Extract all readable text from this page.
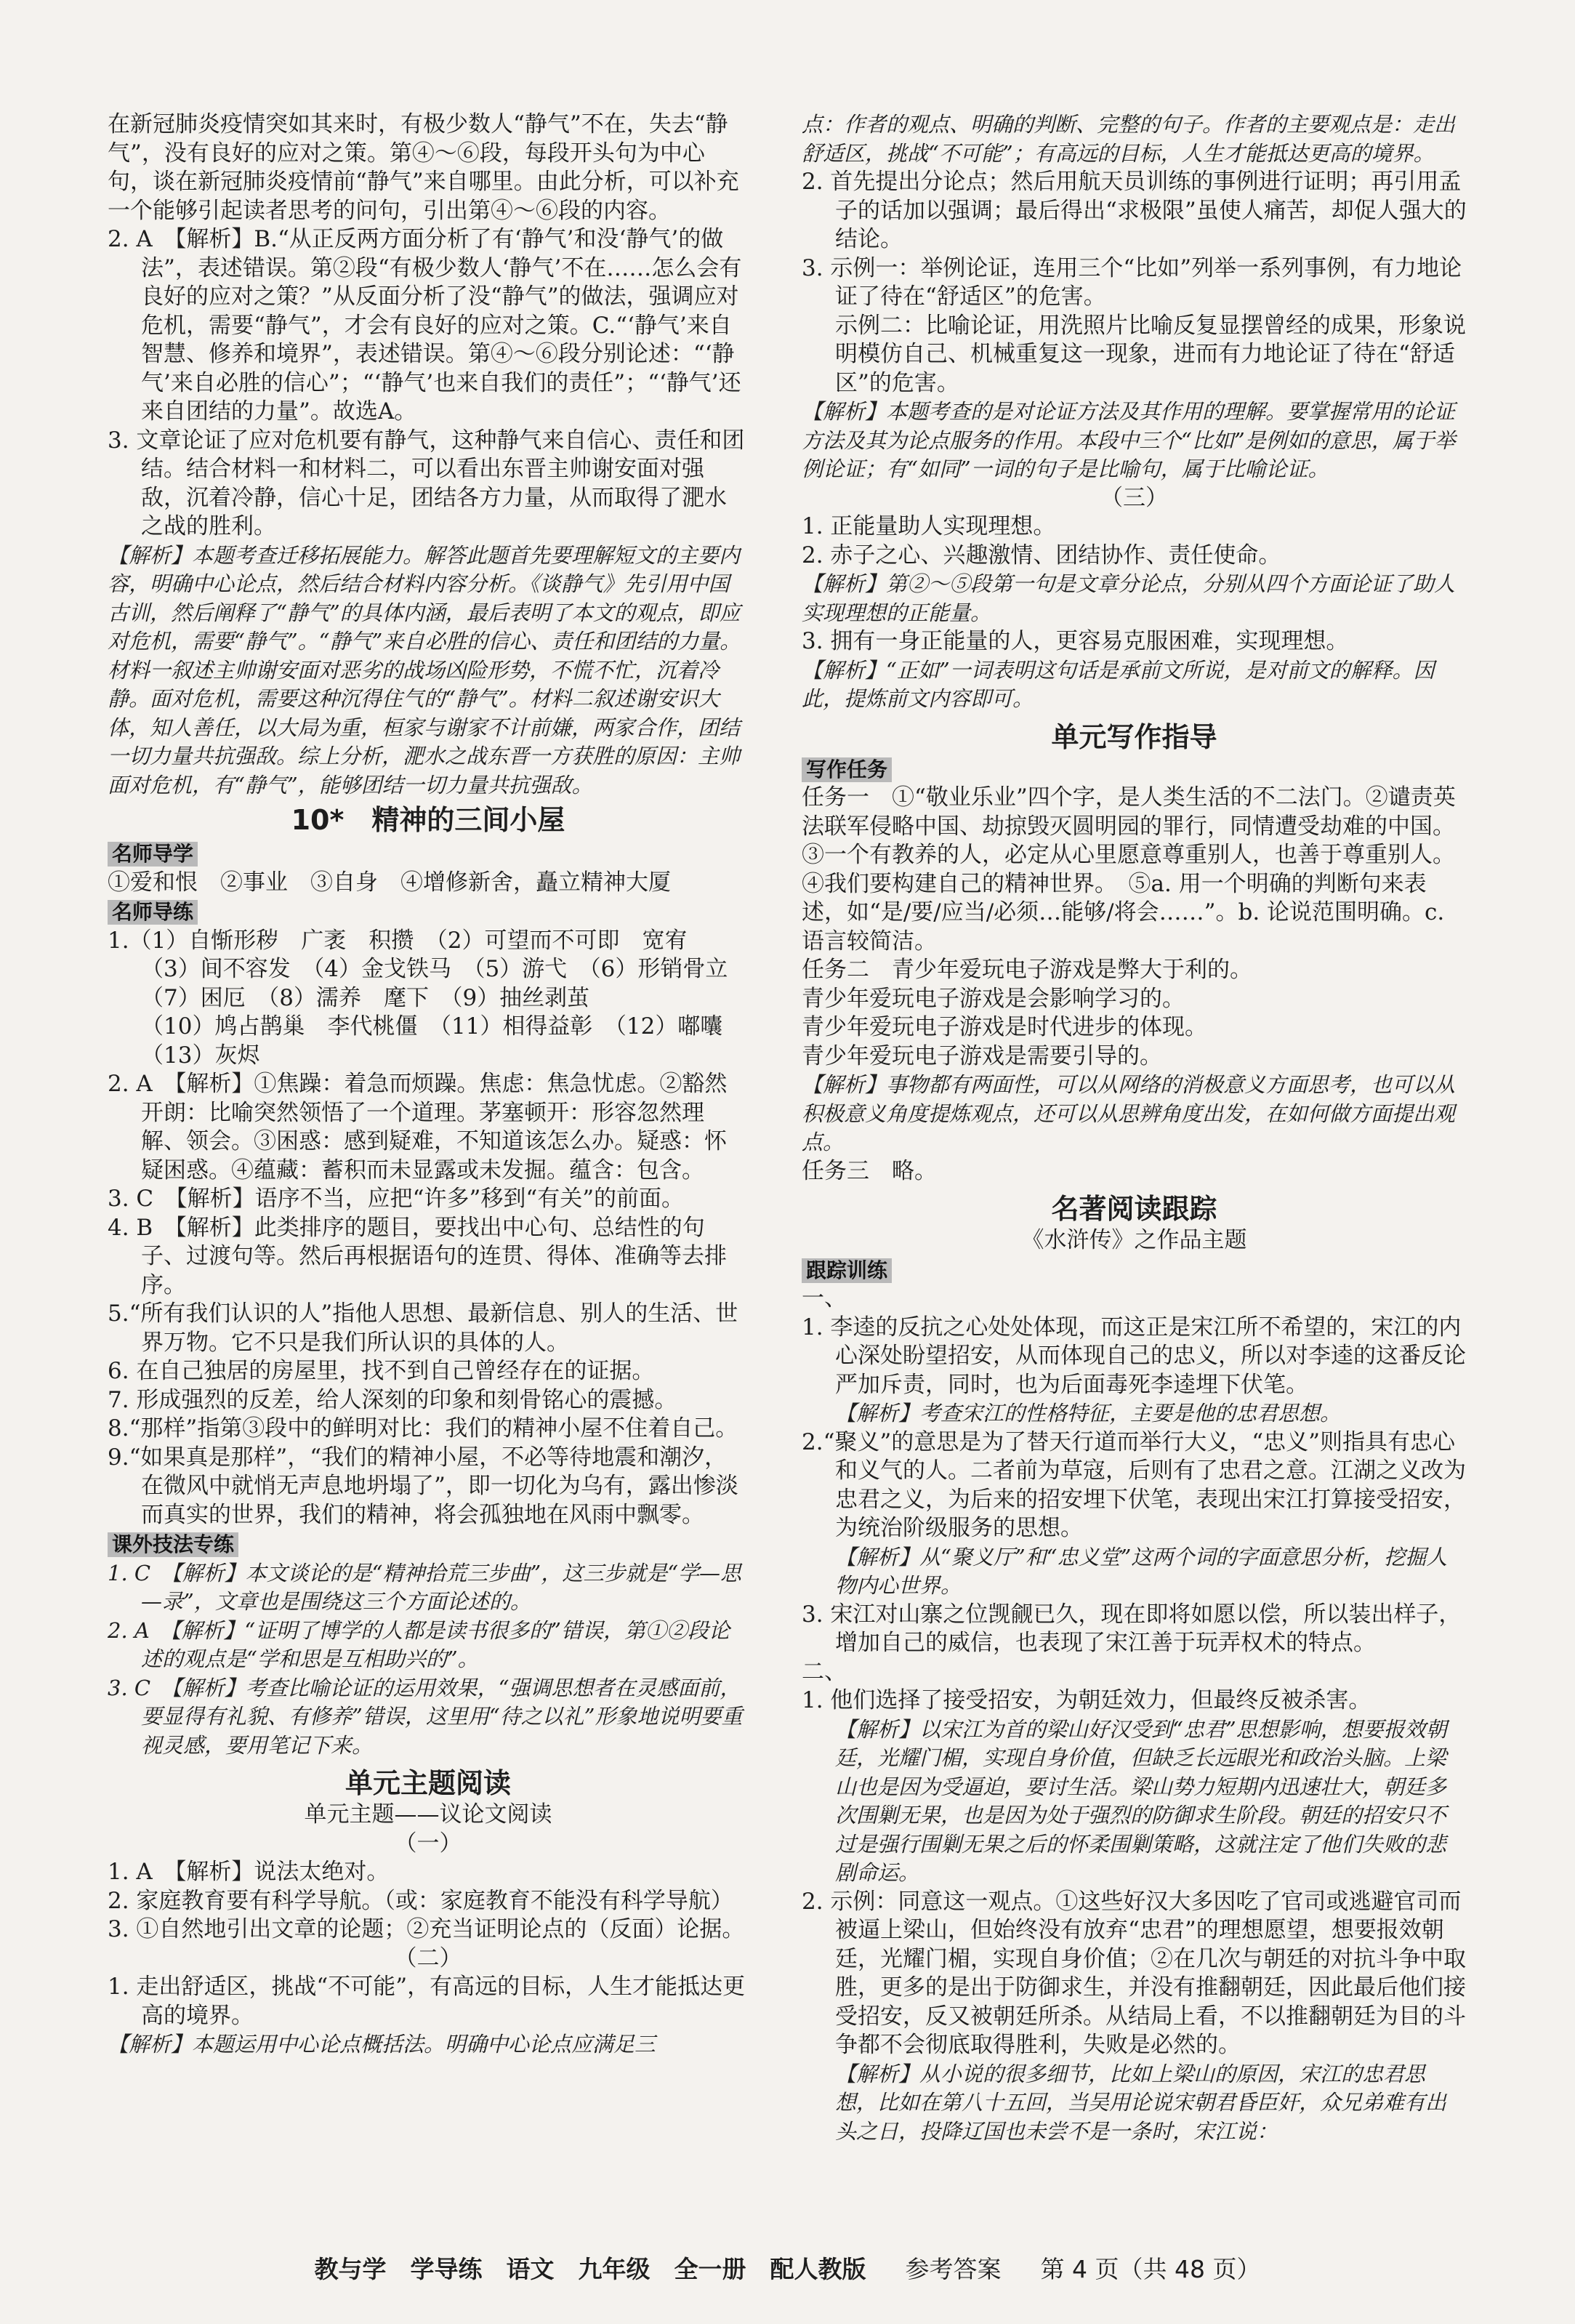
在新冠肺炎疫情突如其来时，有极少数人“静气”不在，失去“静气”，没有良好的应对之策。第④～⑥段，每段开头句为中心句，谈在新冠肺炎疫情前“静气”来自哪里。由此分析，可以补充一个能够引起读者思考的问句，引出第④～⑥段的内容。

2. A　【解析】B.“从正反两方面分析了有‘静气’和没‘静气’的做法”，表述错误。第②段“有极少数人‘静气’不在……怎么会有良好的应对之策？”从反面分析了没“静气”的做法，强调应对危机，需要“静气”，才会有良好的应对之策。C.“‘静气’来自智慧、修养和境界”，表述错误。第④～⑥段分别论述：“‘静气’来自必胜的信心”；“‘静气’也来自我们的责任”；“‘静气’还来自团结的力量”。故选A。

3. 文章论证了应对危机要有静气，这种静气来自信心、责任和团结。结合材料一和材料二，可以看出东晋主帅谢安面对强敌，沉着冷静，信心十足，团结各方力量，从而取得了淝水之战的胜利。

【解析】本题考查迁移拓展能力。解答此题首先要理解短文的主要内容，明确中心论点，然后结合材料内容分析。《谈静气》先引用中国古训，然后阐释了“静气”的具体内涵，最后表明了本文的观点，即应对危机，需要“静气”。“静气”来自必胜的信心、责任和团结的力量。材料一叙述主帅谢安面对恶劣的战场凶险形势，不慌不忙，沉着冷静。面对危机，需要这种沉得住气的“静气”。材料二叙述谢安识大体，知人善任，以大局为重，桓家与谢家不计前嫌，两家合作，团结一切力量共抗强敌。综上分析，淝水之战东晋一方获胜的原因：主帅面对危机，有“静气”，能够团结一切力量共抗强敌。

10*　精神的三间小屋
名师导学

①爱和恨　②事业　③自身　④增修新舍，矗立精神大厦

名师导练

1.（1）自惭形秽　广袤　积攒　（2）可望而不可即　宽宥

（3）间不容发　（4）金戈铁马　（5）游弋　（6）形销骨立

（7）困厄　（8）濡养　麾下　（9）抽丝剥茧

（10）鸠占鹊巢　李代桃僵　（11）相得益彰　（12）嘟囔

（13）灰烬

2. A　【解析】①焦躁：着急而烦躁。焦虑：焦急忧虑。②豁然开朗：比喻突然领悟了一个道理。茅塞顿开：形容忽然理解、领会。③困惑：感到疑难，不知道该怎么办。疑惑：怀疑困惑。④蕴藏：蓄积而未显露或未发掘。蕴含：包含。

3. C　【解析】语序不当，应把“许多”移到“有关”的前面。

4. B　【解析】此类排序的题目，要找出中心句、总结性的句子、过渡句等。然后再根据语句的连贯、得体、准确等去排序。

5.“所有我们认识的人”指他人思想、最新信息、别人的生活、世界万物。它不只是我们所认识的具体的人。

6. 在自己独居的房屋里，找不到自己曾经存在的证据。

7. 形成强烈的反差，给人深刻的印象和刻骨铭心的震撼。

8.“那样”指第③段中的鲜明对比：我们的精神小屋不住着自己。

9.“如果真是那样”，“我们的精神小屋，不必等待地震和潮汐，在微风中就悄无声息地坍塌了”，即一切化为乌有，露出惨淡而真实的世界，我们的精神，将会孤独地在风雨中飘零。

课外技法专练

1. C　【解析】本文谈论的是“精神拾荒三步曲”，这三步就是“学—思—录”，文章也是围绕这三个方面论述的。

2. A　【解析】“证明了博学的人都是读书很多的”错误，第①②段论述的观点是“学和思是互相助兴的”。

3. C　【解析】考查比喻论证的运用效果，“强调思想者在灵感面前，要显得有礼貌、有修养”错误，这里用“待之以礼”形象地说明要重视灵感，要用笔记下来。

单元主题阅读

单元主题——议论文阅读

（一）

1. A　【解析】说法太绝对。

2. 家庭教育要有科学导航。（或：家庭教育不能没有科学导航）

3. ①自然地引出文章的论题；②充当证明论点的（反面）论据。

（二）

1. 走出舒适区，挑战“不可能”，有高远的目标，人生才能抵达更高的境界。

【解析】本题运用中心论点概括法。明确中心论点应满足三

点：作者的观点、明确的判断、完整的句子。作者的主要观点是：走出舒适区，挑战“不可能”；有高远的目标，人生才能抵达更高的境界。

2. 首先提出分论点；然后用航天员训练的事例进行证明；再引用孟子的话加以强调；最后得出“求极限”虽使人痛苦，却促人强大的结论。

3. 示例一：举例论证，连用三个“比如”列举一系列事例，有力地论证了待在“舒适区”的危害。

示例二：比喻论证，用洗照片比喻反复显摆曾经的成果，形象说明模仿自己、机械重复这一现象，进而有力地论证了待在“舒适区”的危害。

【解析】本题考查的是对论证方法及其作用的理解。要掌握常用的论证方法及其为论点服务的作用。本段中三个“比如”是例如的意思，属于举例论证；有“如同”一词的句子是比喻句，属于比喻论证。

（三）

1. 正能量助人实现理想。

2. 赤子之心、兴趣激情、团结协作、责任使命。

【解析】第②～⑤段第一句是文章分论点，分别从四个方面论证了助人实现理想的正能量。

3. 拥有一身正能量的人，更容易克服困难，实现理想。

【解析】“正如”一词表明这句话是承前文所说，是对前文的解释。因此，提炼前文内容即可。

单元写作指导
写作任务

任务一　①“敬业乐业”四个字，是人类生活的不二法门。②谴责英法联军侵略中国、劫掠毁灭圆明园的罪行，同情遭受劫难的中国。　③一个有教养的人，必定从心里愿意尊重别人，也善于尊重别人。　④我们要构建自己的精神世界。　⑤a. 用一个明确的判断句来表述，如“是/要/应当/必须…能够/将会……”。b. 论说范围明确。c. 语言较简洁。

任务二　青少年爱玩电子游戏是弊大于利的。

青少年爱玩电子游戏是会影响学习的。

青少年爱玩电子游戏是时代进步的体现。

青少年爱玩电子游戏是需要引导的。

【解析】事物都有两面性，可以从网络的消极意义方面思考，也可以从积极意义角度提炼观点，还可以从思辨角度出发，在如何做方面提出观点。

任务三　略。

名著阅读跟踪

《水浒传》之作品主题

跟踪训练

一、

1. 李逵的反抗之心处处体现，而这正是宋江所不希望的，宋江的内心深处盼望招安，从而体现自己的忠义，所以对李逵的这番反论严加斥责，同时，也为后面毒死李逵埋下伏笔。

【解析】考查宋江的性格特征，主要是他的忠君思想。

2.“聚义”的意思是为了替天行道而举行大义，“忠义”则指具有忠心和义气的人。二者前为草寇，后则有了忠君之意。江湖之义改为忠君之义，为后来的招安埋下伏笔，表现出宋江打算接受招安，为统治阶级服务的思想。

【解析】从“聚义厅”和“忠义堂”这两个词的字面意思分析，挖掘人物内心世界。

3. 宋江对山寨之位觊觎已久，现在即将如愿以偿，所以装出样子，增加自己的威信，也表现了宋江善于玩弄权术的特点。

二、

1. 他们选择了接受招安，为朝廷效力，但最终反被杀害。

【解析】以宋江为首的梁山好汉受到“忠君”思想影响，想要报效朝廷，光耀门楣，实现自身价值，但缺乏长远眼光和政治头脑。上梁山也是因为受逼迫，要讨生活。梁山势力短期内迅速壮大，朝廷多次围剿无果，也是因为处于强烈的防御求生阶段。朝廷的招安只不过是强行围剿无果之后的怀柔围剿策略，这就注定了他们失败的悲剧命运。

2. 示例：同意这一观点。①这些好汉大多因吃了官司或逃避官司而被逼上梁山，但始终没有放弃“忠君”的理想愿望，想要报效朝廷，光耀门楣，实现自身价值；②在几次与朝廷的对抗斗争中取胜，更多的是出于防御求生，并没有推翻朝廷，因此最后他们接受招安，反又被朝廷所杀。从结局上看，不以推翻朝廷为目的斗争都不会彻底取得胜利，失败是必然的。

【解析】从小说的很多细节，比如上梁山的原因，宋江的忠君思想，比如在第八十五回，当吴用论说宋朝君昏臣奸，众兄弟难有出头之日，投降辽国也未尝不是一条时，宋江说：

教与学　学导练　语文　九年级　全一册　配人教版 　 参考答案 　 第 4 页（共 48 页）
